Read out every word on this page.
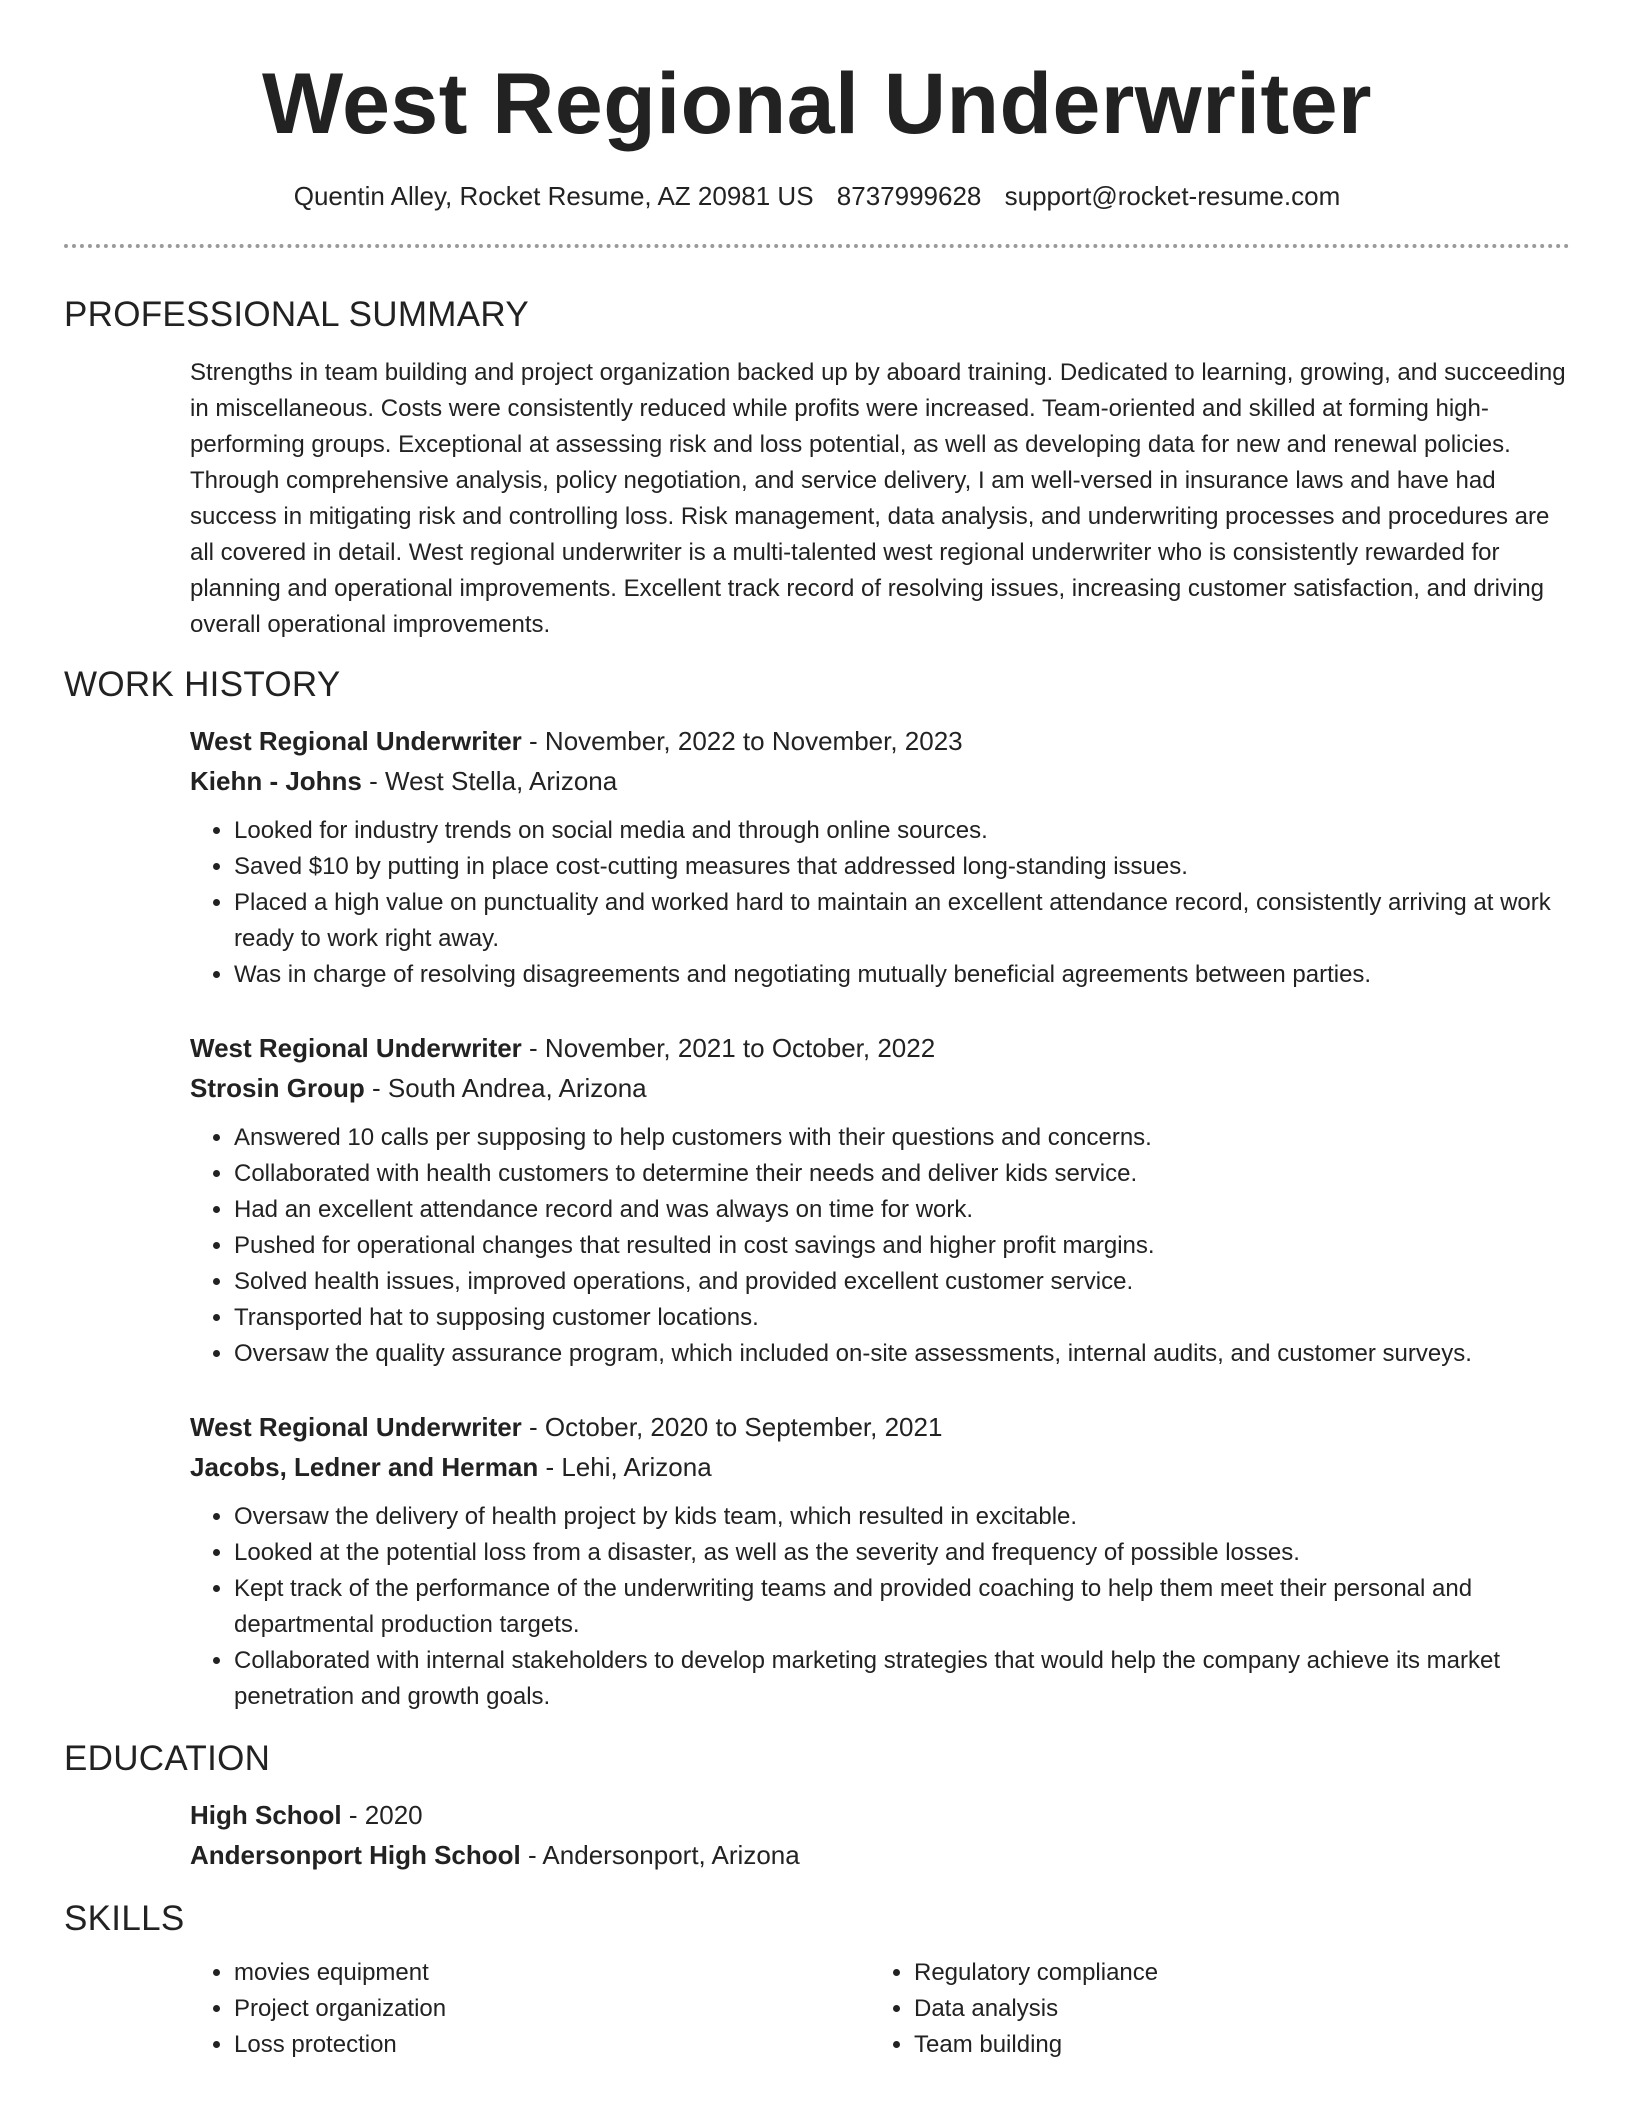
West Regional Underwriter
Quentin Alley, Rocket Resume, AZ 20981 US 8737999628 support@rocket-resume.com
PROFESSIONAL SUMMARY

Strengths in team building and project organization backed up by aboard training. Dedicated to learning, growing, and succeeding in miscellaneous. Costs were consistently reduced while profits were increased. Team-oriented and skilled at forming high-performing groups. Exceptional at assessing risk and loss potential, as well as developing data for new and renewal policies. Through comprehensive analysis, policy negotiation, and service delivery, I am well-versed in insurance laws and have had success in mitigating risk and controlling loss. Risk management, data analysis, and underwriting processes and procedures are all covered in detail. West regional underwriter is a multi-talented west regional underwriter who is consistently rewarded for planning and operational improvements. Excellent track record of resolving issues, increasing customer satisfaction, and driving overall operational improvements.

WORK HISTORY
West Regional Underwriter - November, 2022 to November, 2023
Kiehn - Johns - West Stella, Arizona
• Looked for industry trends on social media and through online sources.
• Saved $10 by putting in place cost-cutting measures that addressed long-standing issues.
• Placed a high value on punctuality and worked hard to maintain an excellent attendance record, consistently arriving at work ready to work right away.
• Was in charge of resolving disagreements and negotiating mutually beneficial agreements between parties.
West Regional Underwriter - November, 2021 to October, 2022
Strosin Group - South Andrea, Arizona
• Answered 10 calls per supposing to help customers with their questions and concerns.
• Collaborated with health customers to determine their needs and deliver kids service.
• Had an excellent attendance record and was always on time for work.
• Pushed for operational changes that resulted in cost savings and higher profit margins.
• Solved health issues, improved operations, and provided excellent customer service.
• Transported hat to supposing customer locations.
• Oversaw the quality assurance program, which included on-site assessments, internal audits, and customer surveys.
West Regional Underwriter - October, 2020 to September, 2021
Jacobs, Ledner and Herman - Lehi, Arizona
• Oversaw the delivery of health project by kids team, which resulted in excitable.
• Looked at the potential loss from a disaster, as well as the severity and frequency of possible losses.
• Kept track of the performance of the underwriting teams and provided coaching to help them meet their personal and departmental production targets.
• Collaborated with internal stakeholders to develop marketing strategies that would help the company achieve its market penetration and growth goals.
EDUCATION
High School - 2020
Andersonport High School - Andersonport, Arizona
SKILLS
• movies equipment
• Project organization
• Loss protection
• Regulatory compliance
• Data analysis
• Team building
